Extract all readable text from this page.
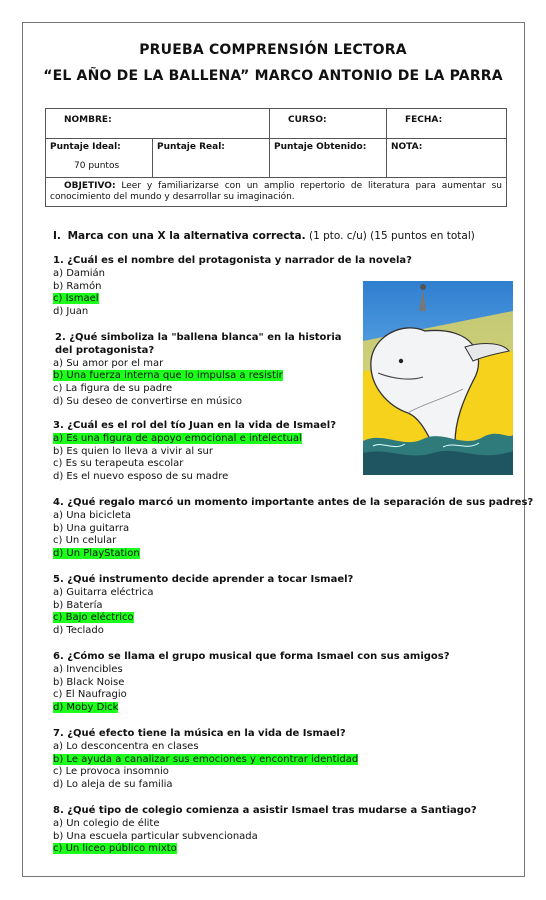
PRUEBA COMPRENSIÓN LECTORA
“EL AÑO DE LA BALLENA” MARCO ANTONIO DE LA PARRA
NOMBRE:		CURSO:	FECHA:

Puntaje Ideal:
70 puntos	Puntaje Real:	Puntaje Obtenido:	NOTA:
OBJETIVO: Leer y familiarizarse con un amplio repertorio de literatura para aumentar su conocimiento del mundo y desarrollar su imaginación.			
I. Marca con una X la alternativa correcta. (1 pto. c/u) (15 puntos en total)
1. ¿Cuál es el nombre del protagonista y narrador de la novela?
a) Damián
b) Ramón
c) Ismael
d) Juan
2. ¿Qué simboliza la "ballena blanca" en la historia del protagonista?
a) Su amor por el mar
b) Una fuerza interna que lo impulsa a resistir
c) La figura de su padre
d) Su deseo de convertirse en músico
3. ¿Cuál es el rol del tío Juan en la vida de Ismael?
a) Es una figura de apoyo emocional e intelectual
b) Es quien lo lleva a vivir al sur
c) Es su terapeuta escolar
d) Es el nuevo esposo de su madre
4. ¿Qué regalo marcó un momento importante antes de la separación de sus padres?
a) Una bicicleta
b) Una guitarra
c) Un celular
d) Un PlayStation
5. ¿Qué instrumento decide aprender a tocar Ismael?
a) Guitarra eléctrica
b) Batería
c) Bajo eléctrico
d) Teclado
6. ¿Cómo se llama el grupo musical que forma Ismael con sus amigos?
a) Invencibles
b) Black Noise
c) El Naufragio
d) Moby Dick
7. ¿Qué efecto tiene la música en la vida de Ismael?
a) Lo desconcentra en clases
b) Le ayuda a canalizar sus emociones y encontrar identidad
c) Le provoca insomnio
d) Lo aleja de su familia
8. ¿Qué tipo de colegio comienza a asistir Ismael tras mudarse a Santiago?
a) Un colegio de élite
b) Una escuela particular subvencionada
c) Un liceo público mixto
